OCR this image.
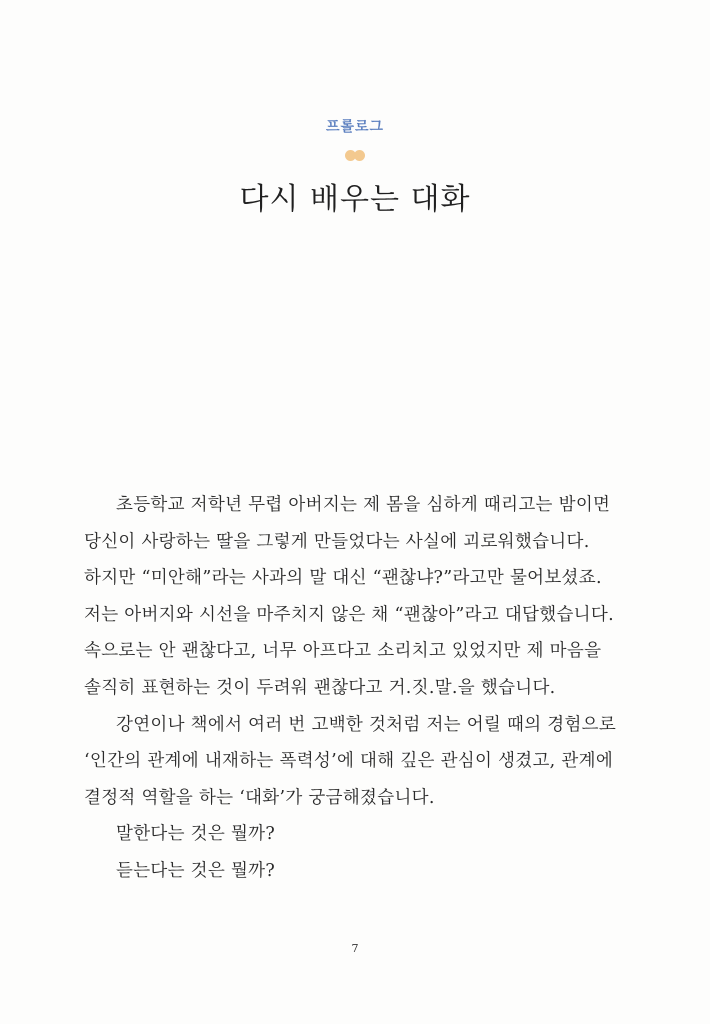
프롤로그
다시 배우는 대화

초등학교 저학년 무렵 아버지는 제 몸을 심하게 때리고는 밤이면

당신이 사랑하는 딸을 그렇게 만들었다는 사실에 괴로워했습니다.

하지만 “미안해”라는 사과의 말 대신 “괜찮냐?”라고만 물어보셨죠.

저는 아버지와 시선을 마주치지 않은 채 “괜찮아”라고 대답했습니다.

속으로는 안 괜찮다고, 너무 아프다고 소리치고 있었지만 제 마음을

솔직히 표현하는 것이 두려워 괜찮다고 거.짓.말.을 했습니다.

강연이나 책에서 여러 번 고백한 것처럼 저는 어릴 때의 경험으로

‘인간의 관계에 내재하는 폭력성’에 대해 깊은 관심이 생겼고, 관계에

결정적 역할을 하는 ‘대화’가 궁금해졌습니다.

말한다는 것은 뭘까?

듣는다는 것은 뭘까?

7
